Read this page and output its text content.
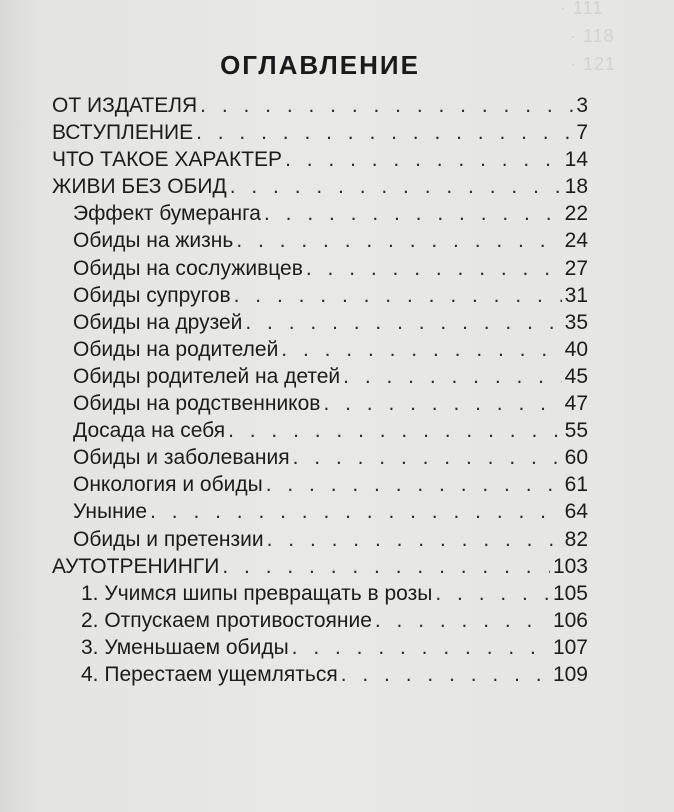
· 111
· 118
· 121
ОГЛАВЛЕНИЕ
ОТ ИЗДАТЕЛЯ . . .	3
ВСТУПЛЕНИЕ . . .	7
ЧТО ТАКОЕ ХАРАКТЕР . . .	14
ЖИВИ БЕЗ ОБИД . . .	18
Эффект бумеранга . . .	22
Обиды на жизнь . . .	24
Обиды на сослуживцев . . .	27
Обиды супругов . . .	31
Обиды на друзей . . .	35
Обиды на родителей . . .	40
Обиды родителей на детей . . .	45
Обиды на родственников . . .	47
Досада на себя . . .	55
Обиды и заболевания . . .	60
Онкология и обиды . . .	61
Уныние . . .	64
Обиды и претензии . . .	82
АУТОТРЕНИНГИ . . .	103
1. Учимся шипы превращать в розы . . .	105
2. Отпускаем противостояние . . .	106
3. Уменьшаем обиды . . .	107
4. Перестаем ущемляться . . .	109
